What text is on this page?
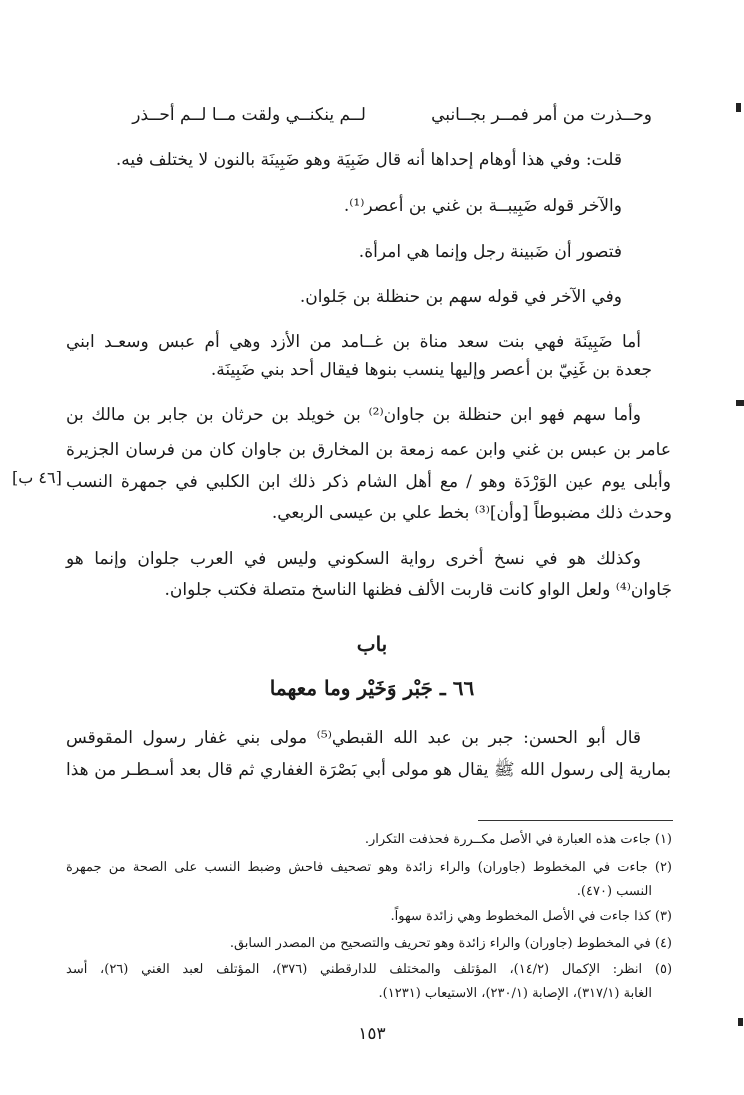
وحــذرت من أمر فمــر بجــانبي
لــم ينكنــي ولقت مــا لــم أحــذر
قلت: وفي هذا أوهام إحداها أنه قال ضَبِيَة وهو ضَبِينَة بالنون لا يختلف فيه.
والآخر قوله ضَبِيبــة بن غني بن أعصر⁽¹⁾.
فتصور أن ضَبينة رجل وإنما هي امرأة.
وفي الآخر في قوله سهم بن حنظلة بن جَلوان.
أما ضَبِينَة فهي بنت سعد مناة بن غــامد من الأزد وهي أم عبس وسعـد ابني
جعدة بن غَنِيّ بن أعصر وإليها ينسب بنوها فيقال أحد بني ضَبِينَة.
وأما سهم فهو ابن حنظلة بن جاوان⁽²⁾ بن خويلد بن حرثان بن جابر بن مالك بن
عامر بن عبس بن غني وابن عمه زمعة بن المخارق بن جاوان كان من فرسان الجزيرة
وأبلى يوم عين الوَرْدَة وهو / مع أهل الشام ذكر ذلك ابن الكلبي في جمهرة النسب
وحدث ذلك مضبوطاً [وأن]⁽³⁾ بخط علي بن عيسى الربعي.
وكذلك هو في نسخ أخرى رواية السكوني وليس في العرب جلوان وإنما هو
جَاوان⁽⁴⁾ ولعل الواو كانت قاربت الألف فظنها الناسخ متصلة فكتب جلوان.
[٤٦ ب]
باب
٦٦ ـ جَبْر وَخَيْر وما معهما
قال أبو الحسن: جبر بن عبد الله القبطي⁽⁵⁾ مولى بني غفار رسول المقوقس
بمارية إلى رسول الله ﷺ يقال هو مولى أبي بَصْرَة الغفاري ثم قال بعد أسـطـر من هذا
(١) جاءت هذه العبارة في الأصل مكــررة فحذفت التكرار.
(٢) جاءت في المخطوط (جاوران) والراء زائدة وهو تصحيف فاحش وضبط النسب على الصحة من جمهرة
النسب (٤٧٠).
(٣) كذا جاءت في الأصل المخطوط وهي زائدة سهواً.
(٤) في المخطوط (جاوران) والراء زائدة وهو تحريف والتصحيح من المصدر السابق.
(٥) انظر: الإكمال (١٤/٢)، المؤتلف والمختلف للدارقطني (٣٧٦)، المؤتلف لعبد الغني (٢٦)، أسد
الغابة (٣١٧/١)، الإصابة (٢٣٠/١)، الاستيعاب (١٢٣١).
١٥٣
